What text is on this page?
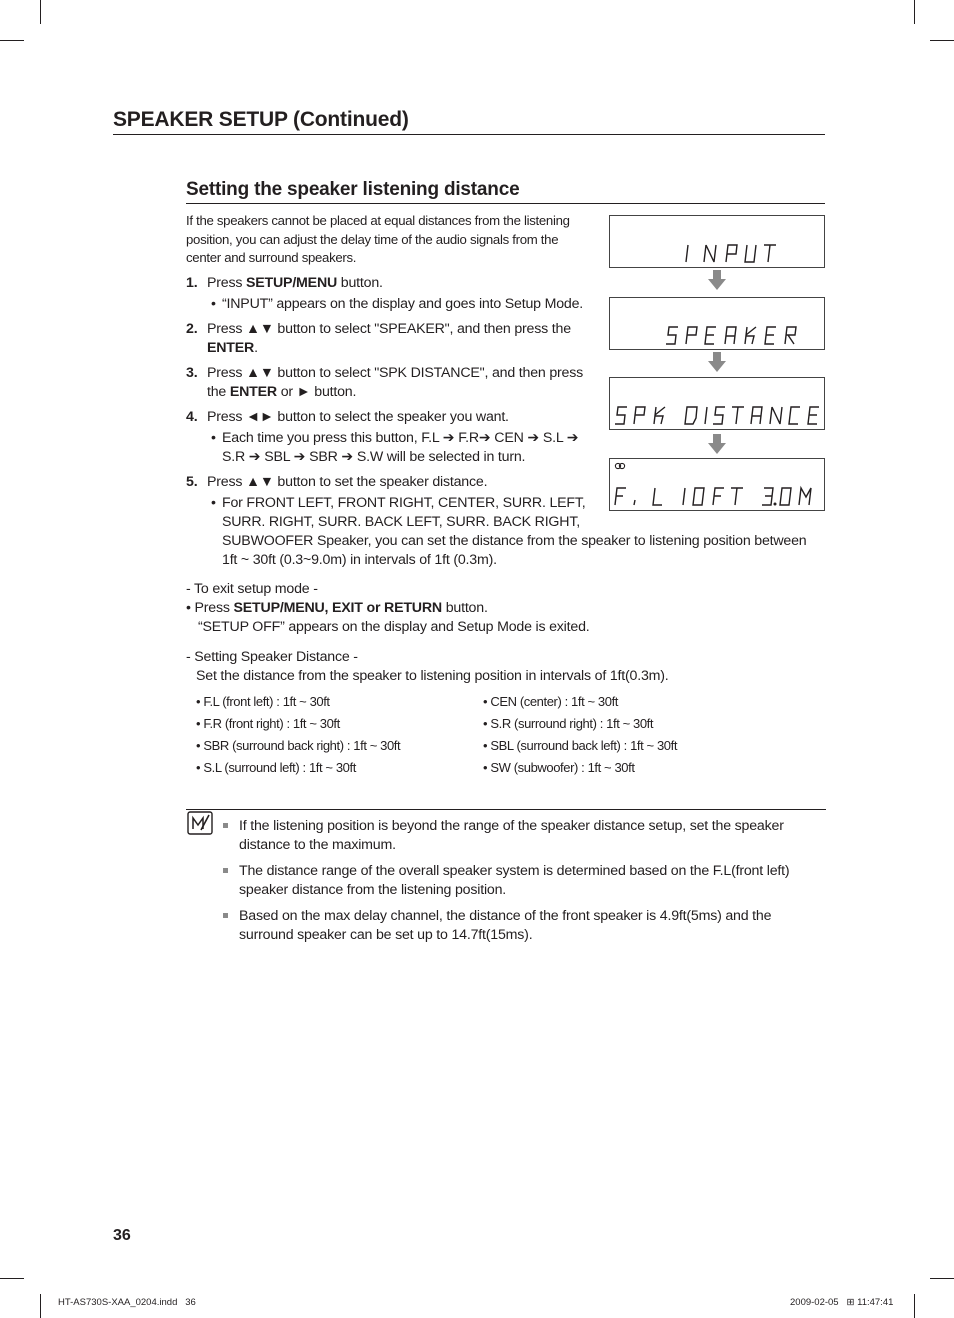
SPEAKER SETUP (Continued)
Setting the speaker listening distance
If the speakers cannot be placed at equal distances from the listening position, you can adjust the delay time of the audio signals from the center and surround speakers.
1. Press SETUP/MENU button.
• “INPUT” appears on the display and goes into Setup Mode.
2. Press ▲▼ button to select "SPEAKER", and then press the ENTER.
3. Press ▲▼ button to select "SPK DISTANCE", and then press the ENTER or ► button.
4. Press ◄► button to select the speaker you want.
• Each time you press this button, F.L ➔ F.R➔ CEN ➔ S.L ➔ S.R ➔ SBL ➔ SBR ➔ S.W will be selected in turn.
5. Press ▲▼ button to set the speaker distance.
• For FRONT LEFT, FRONT RIGHT, CENTER, SURR. LEFT, SURR. RIGHT, SURR. BACK LEFT, SURR. BACK RIGHT,
SUBWOOFER Speaker, you can set the distance from the speaker to listening position between 1ft ~ 30ft (0.3~9.0m) in intervals of 1ft (0.3m).
- To exit setup mode -
• Press SETUP/MENU, EXIT or RETURN button.
“SETUP OFF” appears on the display and Setup Mode is exited.
- Setting Speaker Distance -
Set the distance from the speaker to listening position in intervals of 1ft(0.3m).
• F.L (front left) : 1ft ~ 30ft	• CEN (center) : 1ft ~ 30ft
• F.R (front right) : 1ft ~ 30ft	• S.R (surround right) : 1ft ~ 30ft
• SBR (surround back right) : 1ft ~ 30ft	• SBL (surround back left) : 1ft ~ 30ft
• S.L (surround left) : 1ft ~ 30ft	• SW (subwoofer) : 1ft ~ 30ft
If the listening position is beyond the range of the speaker distance setup, set the speaker distance to the maximum.
The distance range of the overall speaker system is determined based on the F.L(front left) speaker distance from the listening position.
Based on the max delay channel, the distance of the front speaker is 4.9ft(5ms) and the surround speaker can be set up to 14.7ft(15ms).
36
HT-AS730S-XAA_0204.indd   36	2009-02-05   ⊞ 11:47:41
